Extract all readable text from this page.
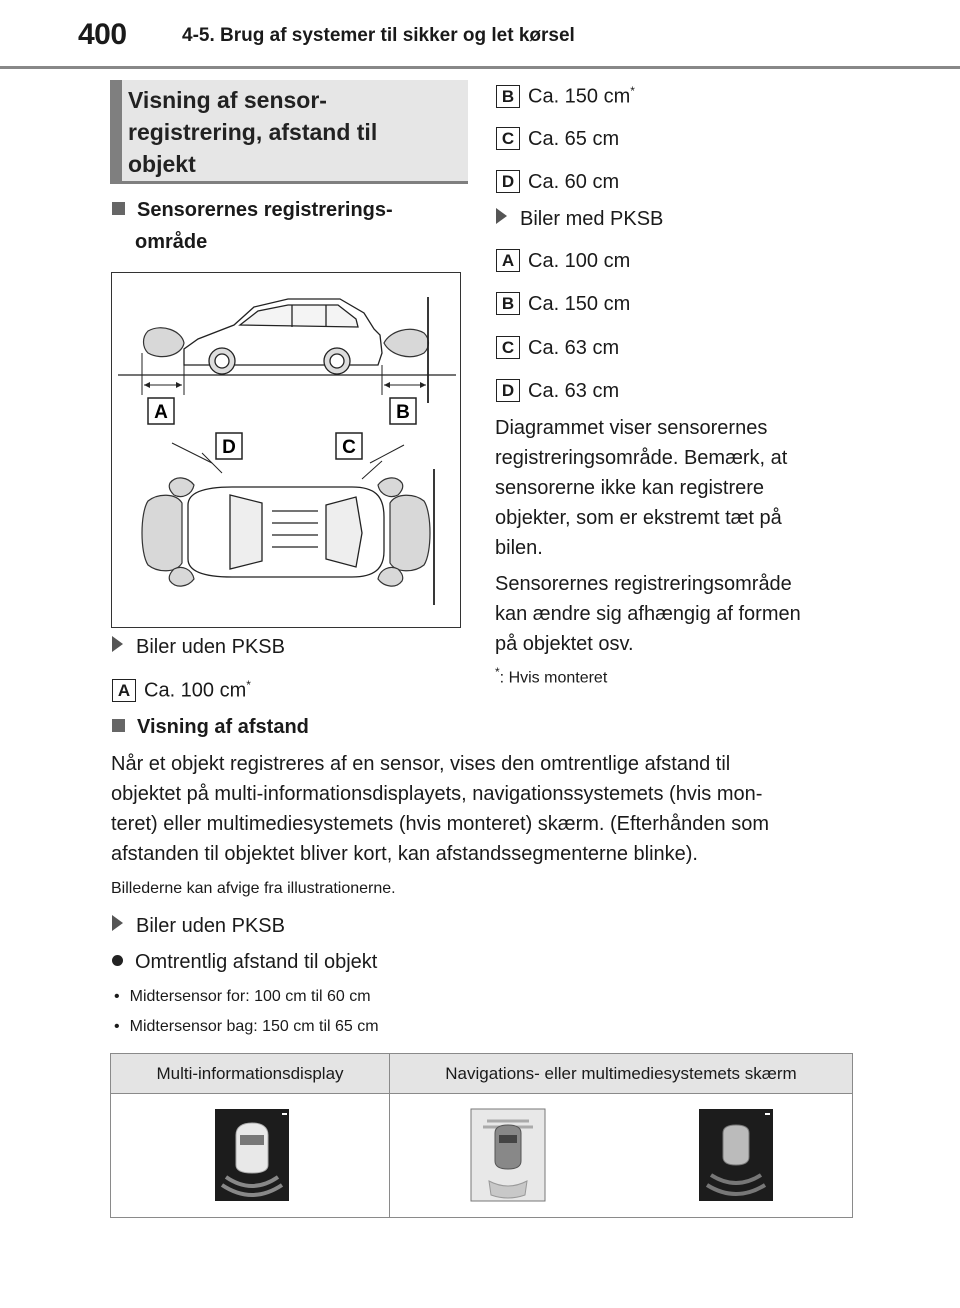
400	4-5. Brug af systemer til sikker og let kørsel
Visning af sensor-
registrering, afstand til
objekt
Sensorernes registrerings-
område
A	B
D	C
Biler uden PKSB
A Ca. 100 cm*
B Ca. 150 cm*
C Ca. 65 cm
D Ca. 60 cm
Biler med PKSB
A Ca. 100 cm
B Ca. 150 cm
C Ca. 63 cm
D Ca. 63 cm
Diagrammet viser sensorernes
registreringsområde. Bemærk, at
sensorerne ikke kan registrere
objekter, som er ekstremt tæt på
bilen.
Sensorernes registreringsområde
kan ændre sig afhængig af formen
på objektet osv.
*: Hvis monteret
Visning af afstand
Når et objekt registreres af en sensor, vises den omtrentlige afstand til
objektet på multi-informationsdisplayets, navigationssystemets (hvis mon-
teret) eller multimediesystemets (hvis monteret) skærm. (Efterhånden som
afstanden til objektet bliver kort, kan afstandssegmenterne blinke).
Billederne kan afvige fra illustrationerne.
Biler uden PKSB
Omtrentlig afstand til objekt
• Midtersensor for: 100 cm til 60 cm
• Midtersensor bag: 150 cm til 65 cm
Multi-informationsdisplay	Navigations- eller multimediesystemets skærm
